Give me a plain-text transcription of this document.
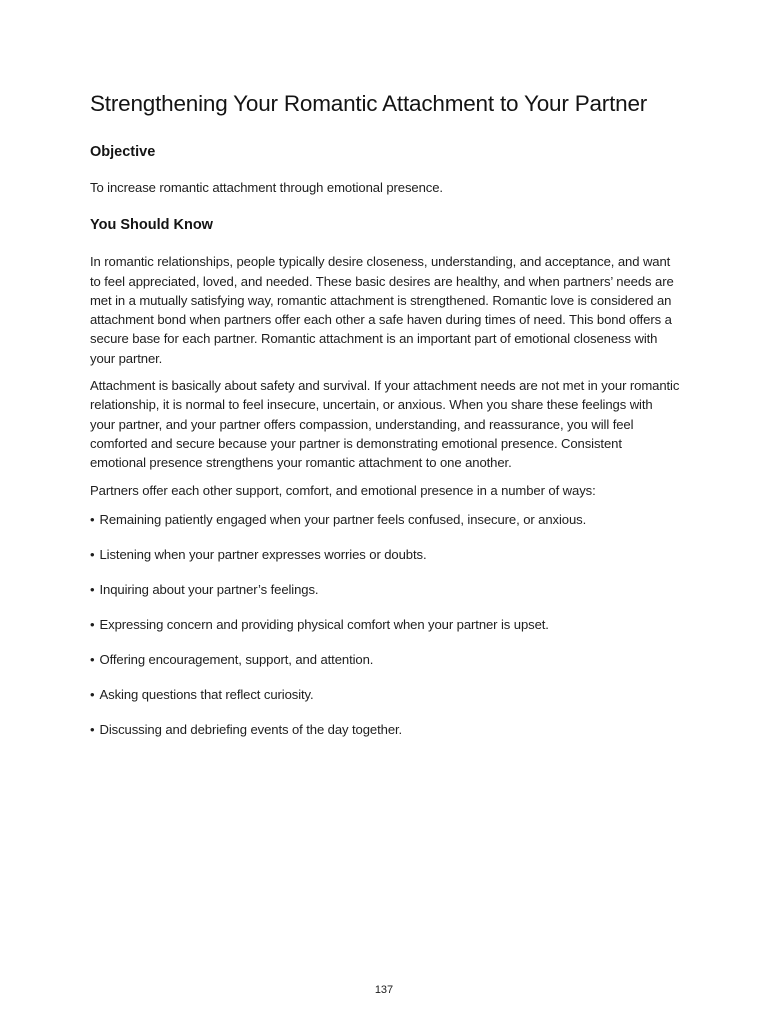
Strengthening Your Romantic Attachment to Your Partner
Objective

To increase romantic attachment through emotional presence.

You Should Know

In romantic relationships, people typically desire closeness, understanding, and acceptance, and want to feel appreciated, loved, and needed. These basic desires are healthy, and when partners’ needs are met in a mutually satisfying way, romantic attachment is strengthened. Romantic love is considered an attachment bond when partners offer each other a safe haven during times of need. This bond offers a secure base for each partner. Romantic attachment is an important part of emotional closeness with your partner.

Attachment is basically about safety and survival. If your attachment needs are not met in your romantic relationship, it is normal to feel insecure, uncertain, or anxious. When you share these feelings with your partner, and your partner offers compassion, understanding, and reassurance, you will feel comforted and secure because your partner is demonstrating emotional presence. Consistent emotional presence strengthens your romantic attachment to one another.

Partners offer each other support, comfort, and emotional presence in a number of ways:

• Remaining patiently engaged when your partner feels confused, insecure, or anxious.
• Listening when your partner expresses worries or doubts.
• Inquiring about your partner’s feelings.
• Expressing concern and providing physical comfort when your partner is upset.
• Offering encouragement, support, and attention.
• Asking questions that reflect curiosity.
• Discussing and debriefing events of the day together.
137
